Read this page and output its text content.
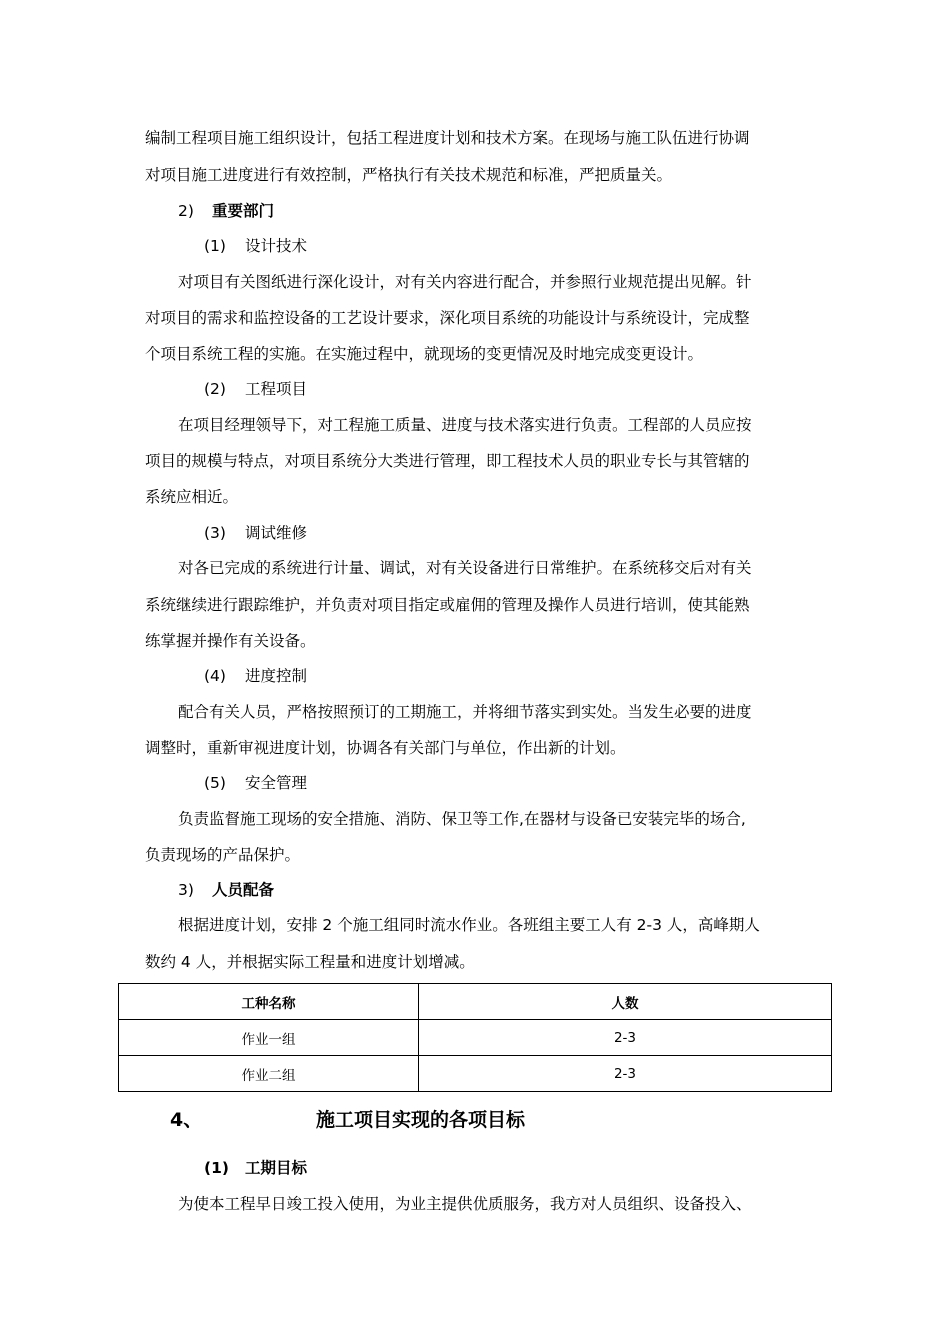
编制工程项目施工组织设计，包括工程进度计划和技术方案。在现场与施工队伍进行协调
对项目施工进度进行有效控制，严格执行有关技术规范和标准，严把质量关。
2) 重要部门
(1) 设计技术
对项目有关图纸进行深化设计，对有关内容进行配合，并参照行业规范提出见解。针
对项目的需求和监控设备的工艺设计要求，深化项目系统的功能设计与系统设计，完成整
个项目系统工程的实施。在实施过程中，就现场的变更情况及时地完成变更设计。
(2) 工程项目
在项目经理领导下，对工程施工质量、进度与技术落实进行负责。工程部的人员应按
项目的规模与特点，对项目系统分大类进行管理，即工程技术人员的职业专长与其管辖的
系统应相近。
(3) 调试维修
对各已完成的系统进行计量、调试，对有关设备进行日常维护。在系统移交后对有关
系统继续进行跟踪维护，并负责对项目指定或雇佣的管理及操作人员进行培训，使其能熟
练掌握并操作有关设备。
(4) 进度控制
配合有关人员，严格按照预订的工期施工，并将细节落实到实处。当发生必要的进度
调整时，重新审视进度计划，协调各有关部门与单位，作出新的计划。
(5) 安全管理
负责监督施工现场的安全措施、消防、保卫等工作,在器材与设备已安装完毕的场合,
负责现场的产品保护。
3) 人员配备
根据进度计划，安排 2 个施工组同时流水作业。各班组主要工人有 2-3 人，高峰期人
数约 4 人，并根据实际工程量和进度计划增减。
工种名称	人数
作业一组	2-3
作业二组	2-3
4、	施工项目实现的各项目标
(1) 工期目标
为使本工程早日竣工投入使用，为业主提供优质服务，我方对人员组织、设备投入、
